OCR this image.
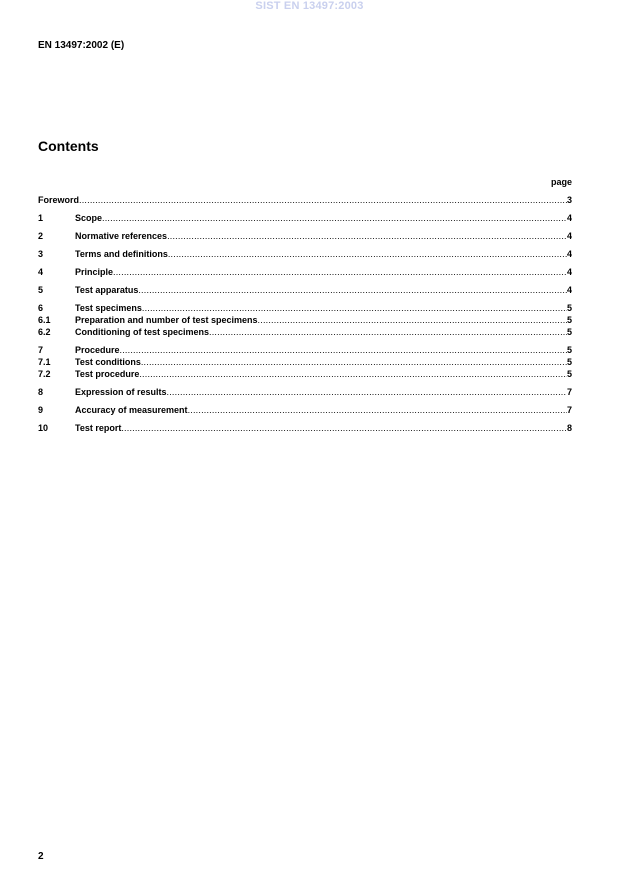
SIST EN 13497:2003
EN 13497:2002 (E)
Contents
page
Foreword .....	3
1	Scope .....	4
2	Normative references .....	4
3	Terms and definitions .....	4
4	Principle .....	4
5	Test apparatus .....	4
6	Test specimens .....	5
6.1	Preparation and number of test specimens .....	5
6.2	Conditioning of test specimens .....	5
7	Procedure .....	5
7.1	Test conditions .....	5
7.2	Test procedure .....	5
8	Expression of results .....	7
9	Accuracy of measurement .....	7
10	Test report .....	8
2
